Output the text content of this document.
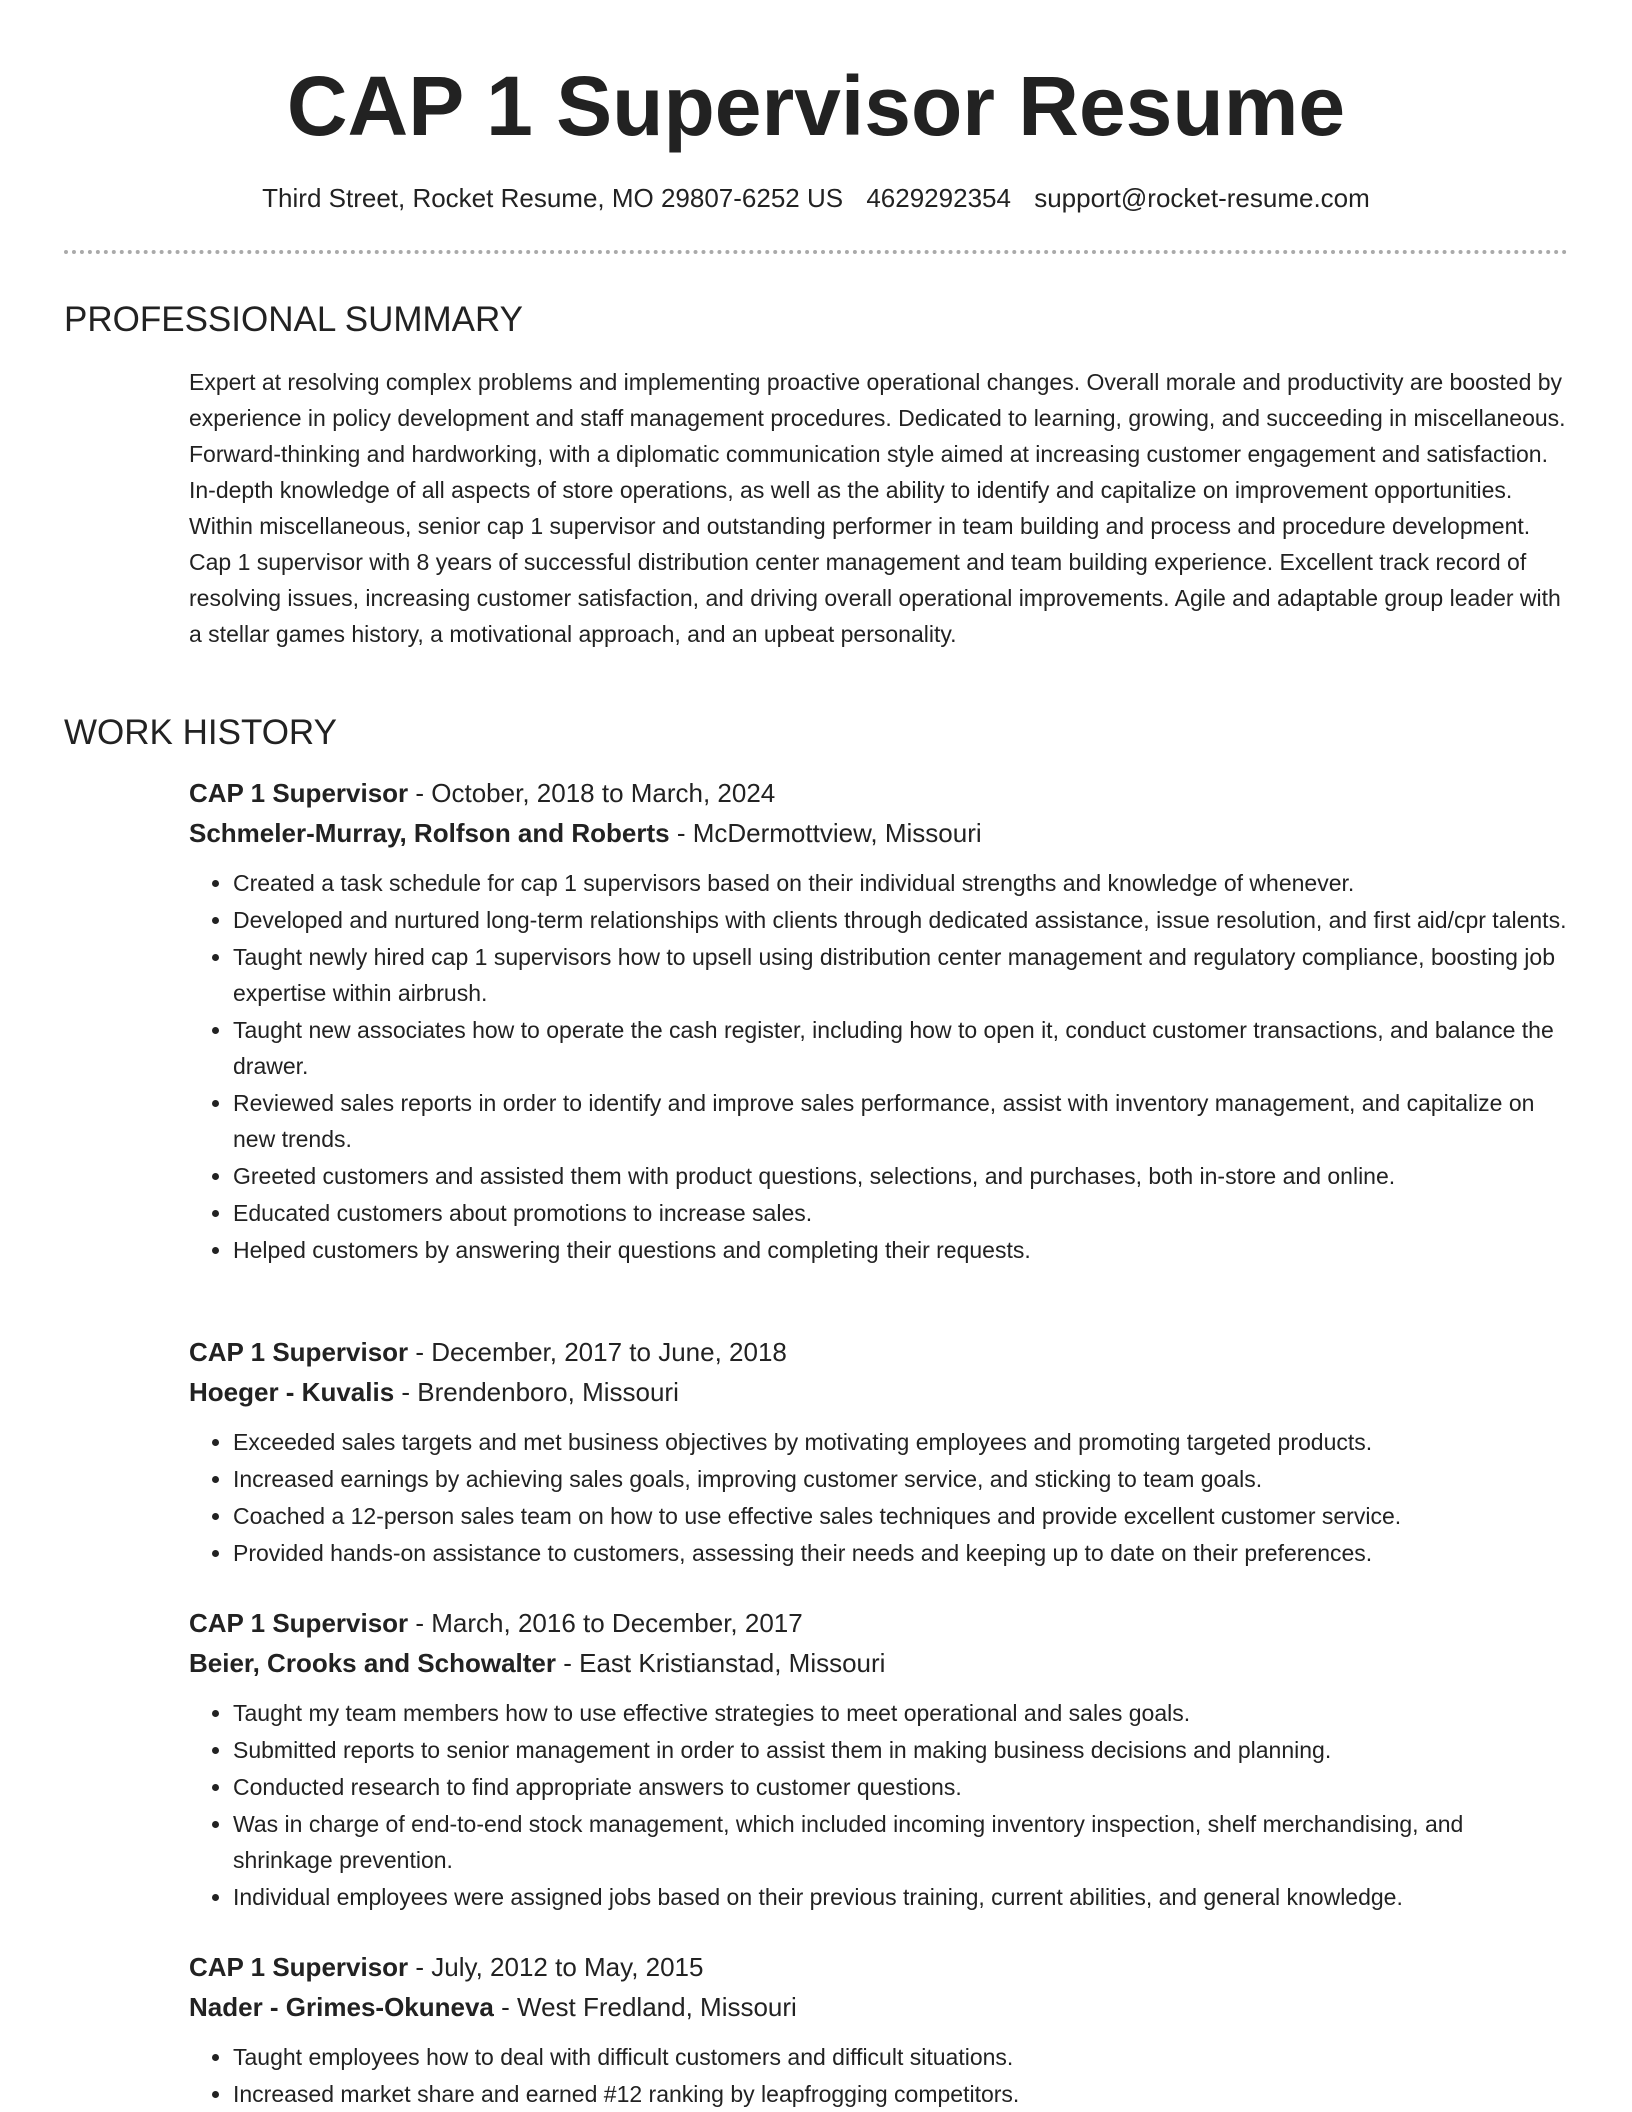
CAP 1 Supervisor Resume
Third Street, Rocket Resume, MO 29807-6252 US 4629292354 support@rocket-resume.com
PROFESSIONAL SUMMARY

Expert at resolving complex problems and implementing proactive operational changes. Overall morale and productivity are boosted by experience in policy development and staff management procedures. Dedicated to learning, growing, and succeeding in miscellaneous. Forward-thinking and hardworking, with a diplomatic communication style aimed at increasing customer engagement and satisfaction. In-depth knowledge of all aspects of store operations, as well as the ability to identify and capitalize on improvement opportunities. Within miscellaneous, senior cap 1 supervisor and outstanding performer in team building and process and procedure development. Cap 1 supervisor with 8 years of successful distribution center management and team building experience. Excellent track record of resolving issues, increasing customer satisfaction, and driving overall operational improvements. Agile and adaptable group leader with a stellar games history, a motivational approach, and an upbeat personality.

WORK HISTORY
CAP 1 Supervisor - October, 2018 to March, 2024
Schmeler-Murray, Rolfson and Roberts - McDermottview, Missouri
• Created a task schedule for cap 1 supervisors based on their individual strengths and knowledge of whenever.
• Developed and nurtured long-term relationships with clients through dedicated assistance, issue resolution, and first aid/cpr talents.
• Taught newly hired cap 1 supervisors how to upsell using distribution center management and regulatory compliance, boosting job expertise within airbrush.
• Taught new associates how to operate the cash register, including how to open it, conduct customer transactions, and balance the drawer.
• Reviewed sales reports in order to identify and improve sales performance, assist with inventory management, and capitalize on new trends.
• Greeted customers and assisted them with product questions, selections, and purchases, both in-store and online.
• Educated customers about promotions to increase sales.
• Helped customers by answering their questions and completing their requests.
CAP 1 Supervisor - December, 2017 to June, 2018
Hoeger - Kuvalis - Brendenboro, Missouri
• Exceeded sales targets and met business objectives by motivating employees and promoting targeted products.
• Increased earnings by achieving sales goals, improving customer service, and sticking to team goals.
• Coached a 12-person sales team on how to use effective sales techniques and provide excellent customer service.
• Provided hands-on assistance to customers, assessing their needs and keeping up to date on their preferences.
CAP 1 Supervisor - March, 2016 to December, 2017
Beier, Crooks and Schowalter - East Kristianstad, Missouri
• Taught my team members how to use effective strategies to meet operational and sales goals.
• Submitted reports to senior management in order to assist them in making business decisions and planning.
• Conducted research to find appropriate answers to customer questions.
• Was in charge of end-to-end stock management, which included incoming inventory inspection, shelf merchandising, and shrinkage prevention.
• Individual employees were assigned jobs based on their previous training, current abilities, and general knowledge.
CAP 1 Supervisor - July, 2012 to May, 2015
Nader - Grimes-Okuneva - West Fredland, Missouri
• Taught employees how to deal with difficult customers and difficult situations.
• Increased market share and earned #12 ranking by leapfrogging competitors.
